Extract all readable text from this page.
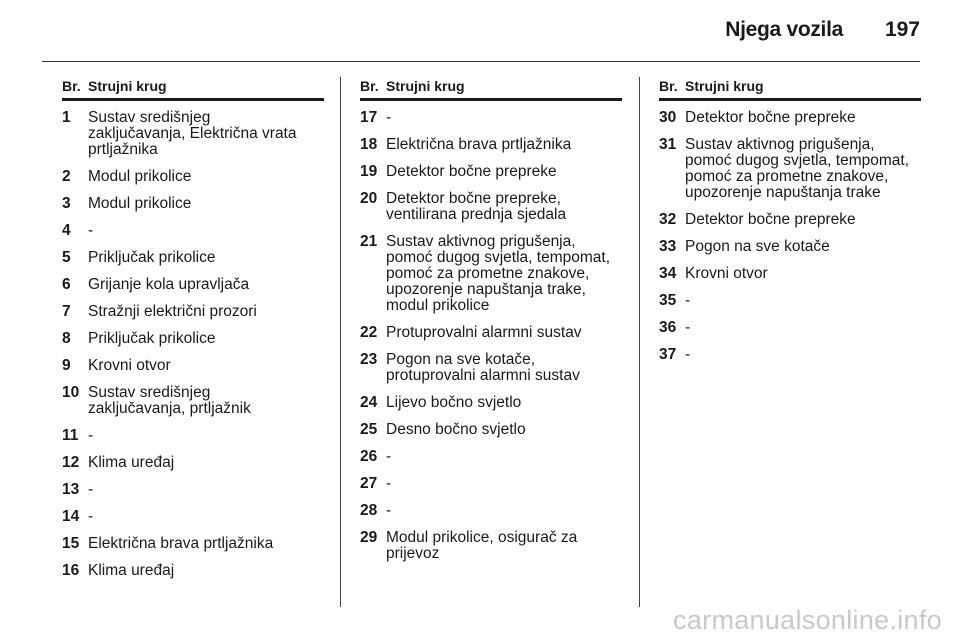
Njega vozila 197
Br. Strujni krug
1	Sustav središnjeg
zaključavanja, Električna vrata
prtljažnika
2	Modul prikolice
3	Modul prikolice
4	-
5	Priključak prikolice
6	Grijanje kola upravljača
7	Stražnji električni prozori
8	Priključak prikolice
9	Krovni otvor
10 Sustav središnjeg
zaključavanja, prtljažnik
11 -
12 Klima uređaj
13 -
14 -
15 Električna brava prtljažnika
16 Klima uređaj
Br. Strujni krug
17 -
18 Električna brava prtljažnika
19 Detektor bočne prepreke
20 Detektor bočne prepreke,
ventilirana prednja sjedala
21 Sustav aktivnog prigušenja,
pomoć dugog svjetla, tempomat,
pomoć za prometne znakove,
upozorenje napuštanja trake,
modul prikolice
22 Protuprovalni alarmni sustav
23 Pogon na sve kotače,
protuprovalni alarmni sustav
24 Lijevo bočno svjetlo
25 Desno bočno svjetlo
26 -
27 -
28 -
29 Modul prikolice, osigurač za
prijevoz
Br. Strujni krug
30 Detektor bočne prepreke
31 Sustav aktivnog prigušenja,
pomoć dugog svjetla, tempomat,
pomoć za prometne znakove,
upozorenje napuštanja trake
32 Detektor bočne prepreke
33 Pogon na sve kotače
34 Krovni otvor
35 -
36 -
37 -
carmanualsonline.info
